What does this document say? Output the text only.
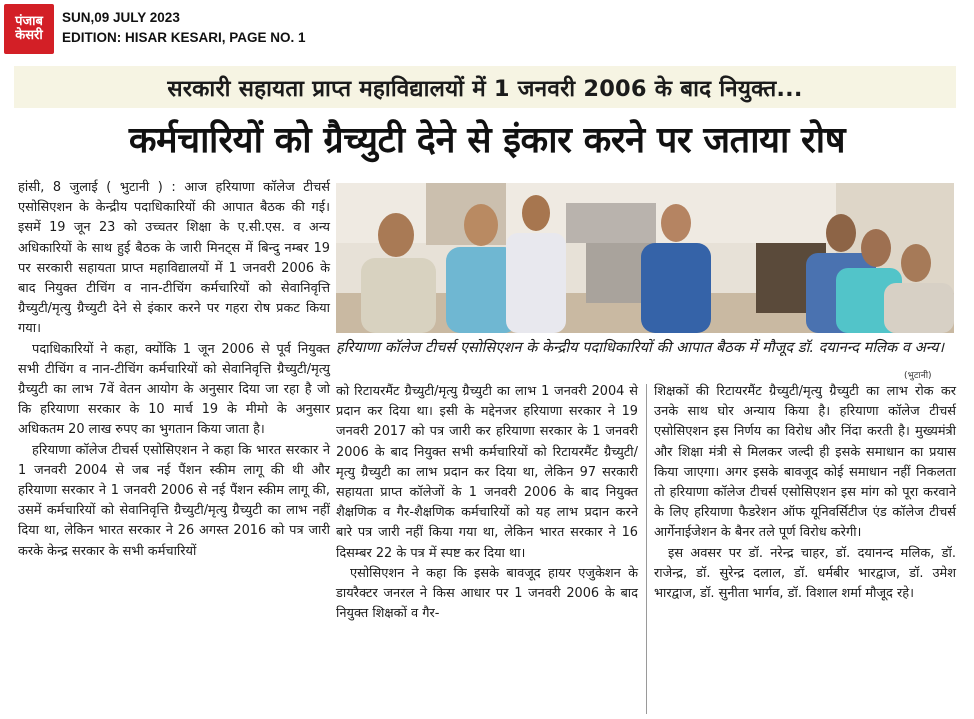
पंजाब
केसरी
SUN,09 JULY 2023
EDITION: HISAR KESARI, PAGE NO. 1
सरकारी सहायता प्राप्त महाविद्यालयों में 1 जनवरी 2006 के बाद नियुक्त...
कर्मचारियों को ग्रैच्युटी देने से इंकार करने पर जताया रोष

हांसी, 8 जुलाई ( भुटानी ) : आज हरियाणा कॉलेज टीचर्स एसोसिएशन के केन्द्रीय पदाधिकारियों की आपात बैठक की गई। इसमें 19 जून 23 को उच्चतर शिक्षा के ए.सी.एस. व अन्य अधिकारियों के साथ हुई बैठक के जारी मिनट्स में बिन्दु नम्बर 19 पर सरकारी सहायता प्राप्त महाविद्यालयों में 1 जनवरी 2006 के बाद नियुक्त टीचिंग व नान-टीचिंग कर्मचारियों को सेवानिवृत्ति ग्रैच्युटी/मृत्यु ग्रैच्युटी देने से इंकार करने पर गहरा रोष प्रकट किया गया।

पदाधिकारियों ने कहा, क्योंकि 1 जून 2006 से पूर्व नियुक्त सभी टीचिंग व नान-टीचिंग कर्मचारियों को सेवानिवृत्ति ग्रैच्युटी/मृत्यु ग्रैच्युटी का लाभ 7वें वेतन आयोग के अनुसार दिया जा रहा है जो कि हरियाणा सरकार के 10 मार्च 19 के मीमो के अनुसार अधिकतम 20 लाख रुपए का भुगतान किया जाता है।

हरियाणा कॉलेज टीचर्स एसोसिएशन ने कहा कि भारत सरकार ने 1 जनवरी 2004 से जब नई पैंशन स्कीम लागू की थी और हरियाणा सरकार ने 1 जनवरी 2006 से नई पैंशन स्कीम लागू की, उसमें कर्मचारियों को सेवानिवृत्ति ग्रैच्युटी/मृत्यु ग्रैच्युटी का लाभ नहीं दिया था, लेकिन भारत सरकार ने 26 अगस्त 2016 को पत्र जारी करके केन्द्र सरकार के सभी कर्मचारियों

हरियाणा कॉलेज टीचर्स एसोसिएशन के केन्द्रीय पदाधिकारियों की आपात बैठक में मौजूद डॉ. दयानन्द मलिक व अन्य।
(भुटानी)

को रिटायरमैंट ग्रैच्युटी/मृत्यु ग्रैच्युटी का लाभ 1 जनवरी 2004 से प्रदान कर दिया था। इसी के मद्देनजर हरियाणा सरकार ने 19 जनवरी 2017 को पत्र जारी कर हरियाणा सरकार के 1 जनवरी 2006 के बाद नियुक्त सभी कर्मचारियों को रिटायरमैंट ग्रैच्युटी/मृत्यु ग्रैच्युटी का लाभ प्रदान कर दिया था, लेकिन 97 सरकारी सहायता प्राप्त कॉलेजों के 1 जनवरी 2006 के बाद नियुक्त शैक्षणिक व गैर-शैक्षणिक कर्मचारियों को यह लाभ प्रदान करने बारे पत्र जारी नहीं किया गया था, लेकिन भारत सरकार ने 16 दिसम्बर 22 के पत्र में स्पष्ट कर दिया था।

एसोसिएशन ने कहा कि इसके बावजूद हायर एजुकेशन के डायरैक्टर जनरल ने किस आधार पर 1 जनवरी 2006 के बाद नियुक्त शिक्षकों व गैर-

शिक्षकों की रिटायरमैंट ग्रैच्युटी/मृत्यु ग्रैच्युटी का लाभ रोक कर उनके साथ घोर अन्याय किया है। हरियाणा कॉलेज टीचर्स एसोसिएशन इस निर्णय का विरोध और निंदा करती है। मुख्यमंत्री और शिक्षा मंत्री से मिलकर जल्दी ही इसके समाधान का प्रयास किया जाएगा। अगर इसके बावजूद कोई समाधान नहीं निकलता तो हरियाणा कॉलेज टीचर्स एसोसिएशन इस मांग को पूरा करवाने के लिए हरियाणा फैडरेशन ऑफ यूनिवर्सिटीज एंड कॉलेज टीचर्स आर्गेनाईजेशन के बैनर तले पूर्ण विरोध करेगी।

इस अवसर पर डॉ. नरेन्द्र चाहर, डॉ. दयानन्द मलिक, डॉ. राजेन्द्र, डॉ. सुरेन्द्र दलाल, डॉ. धर्मबीर भारद्वाज, डॉ. उमेश भारद्वाज, डॉ. सुनीता भार्गव, डॉ. विशाल शर्मा मौजूद रहे।
